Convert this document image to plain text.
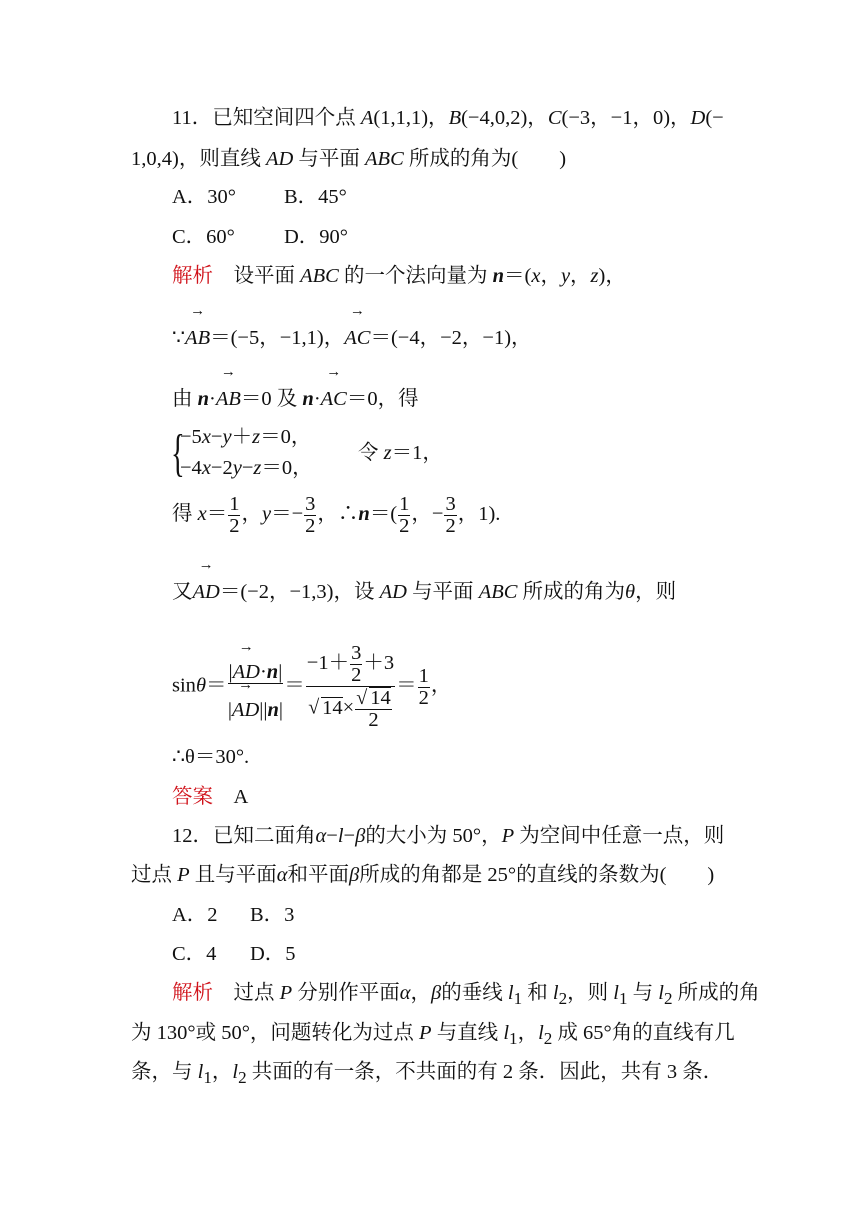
11．已知空间四个点 A(1,1,1)，B(−4,0,2)，C(−3，−1，0)，D(−
1,0,4)，则直线 AD 与平面 ABC 所成的角为(　　)
A．30° B．45°
C．60° D．90°
解析　设平面 ABC 的一个法向量为 n＝(x，y，z)，
∵→ AB＝(−5，−1,1)，→ AC＝(−4，−2，−1)，
由 n·→ AB＝0 及 n·→ AC＝0，得
{
−5x−y＋z＝0，
−4x−2y−z＝0，
令 z＝1，
得 $x= \frac{1}{2}$ ，$y=- \frac{3}{2}$ ，∴n＝( $\frac{1}{2}$ ，− $\frac{3}{2}$ ，1).
又→ AD＝(−2，−1,3)，设 AD 与平面 ABC 所成的角为θ，则
$\sin\theta= \frac{|\to AD\cdot n|}{|\to AD||n|} = \frac{-1+ \frac{3}{2} +3}{√ 14\times \frac{√ 14}{2}} = \frac{1}{2}$ ，
∴θ＝30°.
答案　 A
12．已知二面角α−l−β的大小为 50°，P 为空间中任意一点，则
过点 P 且与平面α和平面β所成的角都是 25°的直线的条数为(　　)
A．2 B．3
C．4 D．5
解析　过点 P 分别作平面α，β的垂线 $l_1$ 和 $l_2$，则 $l_1$ 与 $l_2$ 所成的角
为 130°或 50°，问题转化为过点 P 与直线 $l_1$，$l_2$ 成 65°角的直线有几
条，与 $l_1$，$l_2$ 共面的有一条，不共面的有 2 条．因此，共有 3 条．
